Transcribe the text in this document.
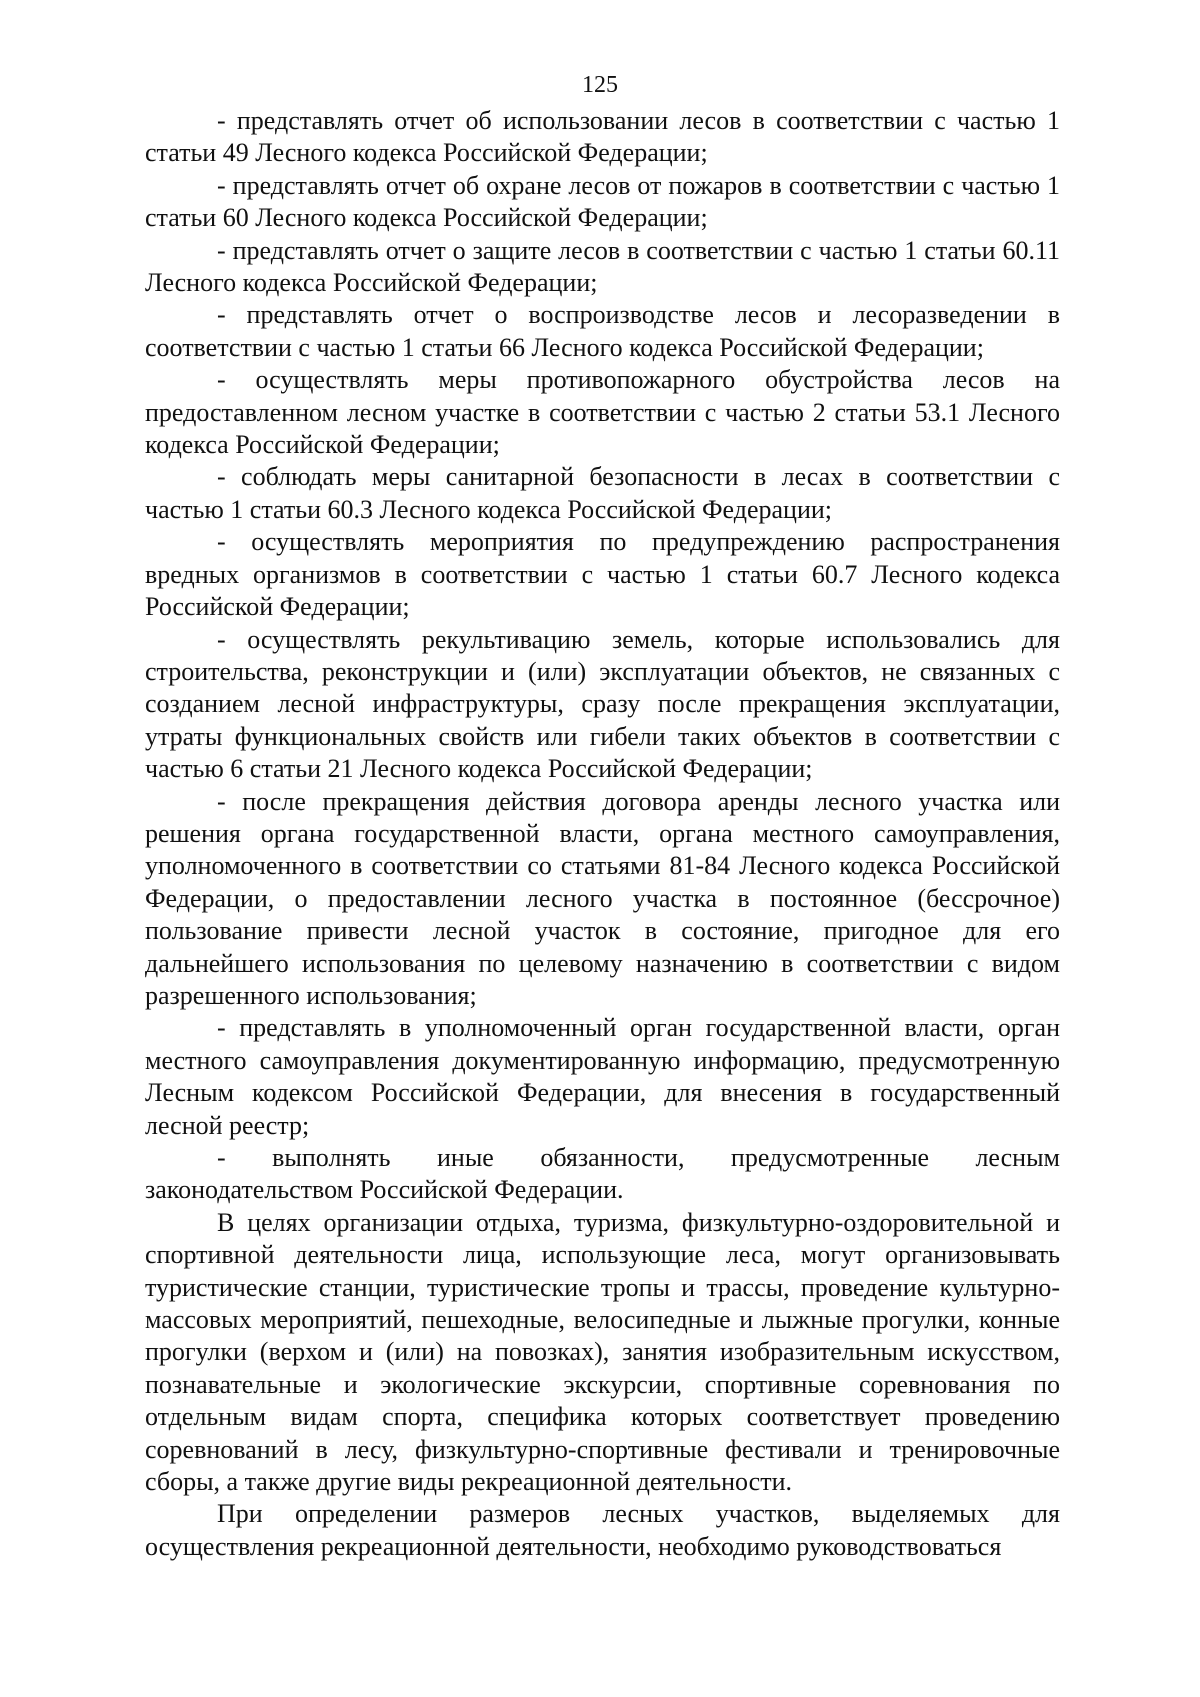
125

- представлять отчет об использовании лесов в соответствии с частью 1 статьи 49 Лесного кодекса Российской Федерации;

- представлять отчет об охране лесов от пожаров в соответствии с частью 1 статьи 60 Лесного кодекса Российской Федерации;

- представлять отчет о защите лесов в соответствии с частью 1 статьи 60.11 Лесного кодекса Российской Федерации;

- представлять отчет о воспроизводстве лесов и лесоразведении в соответствии с частью 1 статьи 66 Лесного кодекса Российской Федерации;

- осуществлять меры противопожарного обустройства лесов на предоставленном лесном участке в соответствии с частью 2 статьи 53.1 Лесного кодекса Российской Федерации;

- соблюдать меры санитарной безопасности в лесах в соответствии с частью 1 статьи 60.3 Лесного кодекса Российской Федерации;

- осуществлять мероприятия по предупреждению распространения вредных организмов в соответствии с частью 1 статьи 60.7 Лесного кодекса Российской Федерации;

- осуществлять рекультивацию земель, которые использовались для строительства, реконструкции и (или) эксплуатации объектов, не связанных с созданием лесной инфраструктуры, сразу после прекращения эксплуатации, утраты функциональных свойств или гибели таких объектов в соответствии с частью 6 статьи 21 Лесного кодекса Российской Федерации;

- после прекращения действия договора аренды лесного участка или решения органа государственной власти, органа местного самоуправления, уполномоченного в соответствии со статьями 81-84 Лесного кодекса Российской Федерации, о предоставлении лесного участка в постоянное (бессрочное) пользование привести лесной участок в состояние, пригодное для его дальнейшего использования по целевому назначению в соответствии с видом разрешенного использования;

- представлять в уполномоченный орган государственной власти, орган местного самоуправления документированную информацию, предусмотренную Лесным кодексом Российской Федерации, для внесения в государственный лесной реестр;

- выполнять иные обязанности, предусмотренные лесным законодательством Российской Федерации.

В целях организации отдыха, туризма, физкультурно-оздоровительной и спортивной деятельности лица, использующие леса, могут организовывать туристические станции, туристические тропы и трассы, проведение культурно-массовых мероприятий, пешеходные, велосипедные и лыжные прогулки, конные прогулки (верхом и (или) на повозках), занятия изобразительным искусством, познавательные и экологические экскурсии, спортивные соревнования по отдельным видам спорта, специфика которых соответствует проведению соревнований в лесу, физкультурно-спортивные фестивали и тренировочные сборы, а также другие виды рекреационной деятельности.

При определении размеров лесных участков, выделяемых для осуществления рекреационной деятельности, необходимо руководствоваться
